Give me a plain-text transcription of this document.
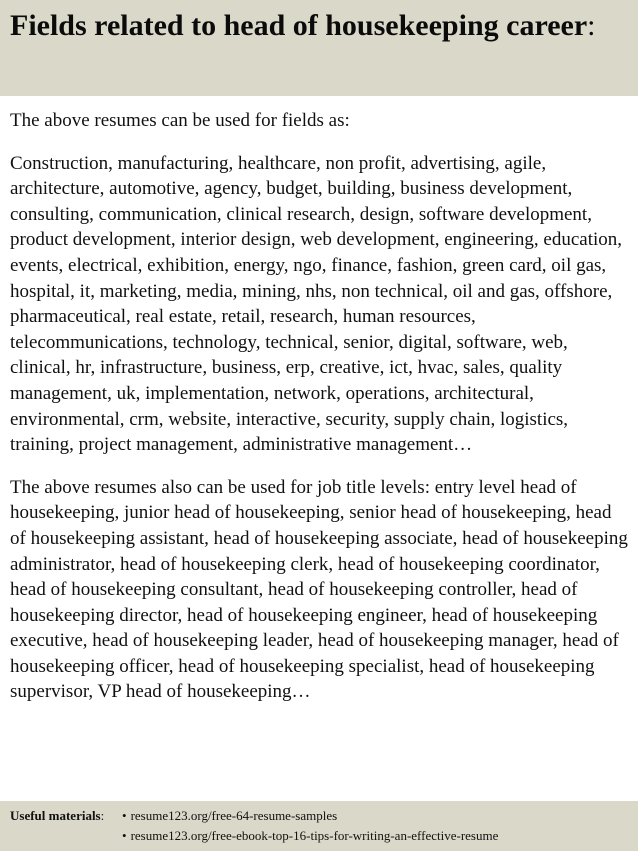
Fields related to head of housekeeping career:

The above resumes can be used for fields as:

Construction, manufacturing, healthcare, non profit, advertising, agile, architecture, automotive, agency, budget, building, business development, consulting, communication, clinical research, design, software development, product development, interior design, web development, engineering, education, events, electrical, exhibition, energy, ngo, finance, fashion, green card, oil gas, hospital, it, marketing, media, mining, nhs, non technical, oil and gas, offshore, pharmaceutical, real estate, retail, research, human resources, telecommunications, technology, technical, senior, digital, software, web, clinical, hr, infrastructure, business, erp, creative, ict, hvac, sales, quality management, uk, implementation, network, operations, architectural, environmental, crm, website, interactive, security, supply chain, logistics, training, project management, administrative management…

The above resumes also can be used for job title levels: entry level head of housekeeping, junior head of housekeeping, senior head of housekeeping, head of housekeeping assistant, head of housekeeping associate, head of housekeeping administrator, head of housekeeping clerk, head of housekeeping coordinator, head of housekeeping consultant, head of housekeeping controller, head of housekeeping director, head of housekeeping engineer, head of housekeeping executive, head of housekeeping leader, head of housekeeping manager, head of housekeeping officer, head of housekeeping specialist, head of housekeeping supervisor, VP head of housekeeping…

Useful materials:	• resume123.org/free-64-resume-samples
• resume123.org/free-ebook-top-16-tips-for-writing-an-effective-resume
